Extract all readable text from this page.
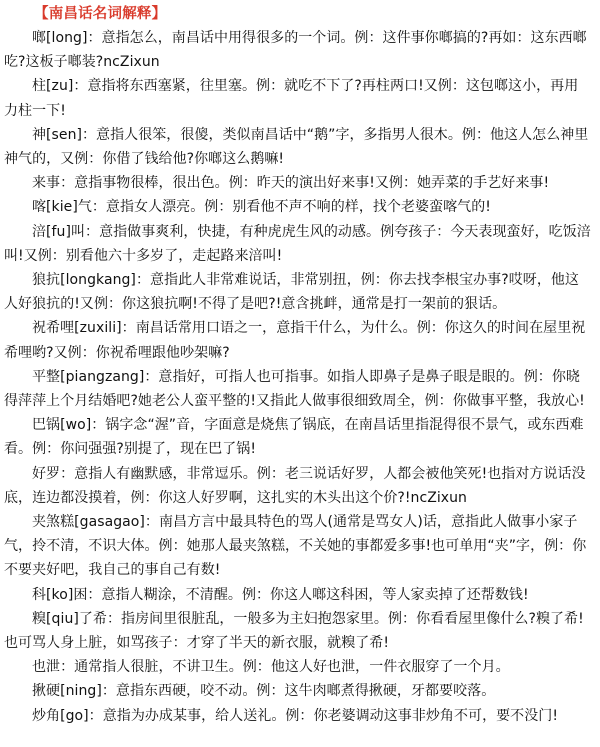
【南昌话名词解释】

啷[long]：意指怎么，南昌话中用得很多的一个词。例：这件事你啷搞的?再如：这东西啷吃?这板子啷装?ncZixun

柱[zu]：意指将东西塞紧，往里塞。例：就吃不下了?再柱两口!又例：这包啷这小，再用力柱一下!

神[sen]：意指人很笨，很傻，类似南昌话中“鹅”字，多指男人很木。例：他这人怎么神里神气的，又例：你借了钱给他?你啷这么鹅嘛!

来事：意指事物很棒，很出色。例：昨天的演出好来事!又例：她弄菜的手艺好来事!

喀[kie]气：意指女人漂亮。例：别看他不声不响的样，找个老婆蛮喀气的!

涪[fu]叫：意指做事爽利，快捷，有种虎虎生风的动感。例夸孩子：今天表现蛮好，吃饭涪叫!又例：别看他六十多岁了，走起路来涪叫!

狼抗[longkang]：意指此人非常难说话，非常别扭，例：你去找李根宝办事?哎呀，他这人好狼抗的!又例：你这狼抗啊!不得了是吧?!意含挑衅，通常是打一架前的狠话。

祝希哩[zuxili]：南昌话常用口语之一，意指干什么，为什么。例：你这久的时间在屋里祝希哩哟?又例：你祝希哩跟他吵架嘛?

平整[piangzang]：意指好，可指人也可指事。如指人即鼻子是鼻子眼是眼的。例：你晓得萍萍上个月结婚吧?她老公人蛮平整的!又指此人做事很细致周全，例：你做事平整，我放心!

巴锅[wo]：锅字念“渥”音，字面意是烧焦了锅底，在南昌话里指混得很不景气，或东西难看。例：你问强强?别提了，现在巴了锅!

好罗：意指人有幽默感，非常逗乐。例：老三说话好罗，人都会被他笑死!也指对方说话没底，连边都没摸着，例：你这人好罗啊，这扎实的木头出这个价?!ncZixun

夹煞糕[gasagao]：南昌方言中最具特色的骂人(通常是骂女人)话，意指此人做事小家子气，拎不清，不识大体。例：她那人最夹煞糕，不关她的事都爱多事!也可单用“夹”字，例：你不要夹好吧，我自己的事自己有数!

科[ko]困：意指人糊涂，不清醒。例：你这人啷这科困，等人家卖掉了还帮数钱!

糗[qiu]了希：指房间里很脏乱，一般多为主妇抱怨家里。例：你看看屋里像什么?糗了希!也可骂人身上脏，如骂孩子：才穿了半天的新衣服，就糗了希!

也泄：通常指人很脏，不讲卫生。例：他这人好也泄，一件衣服穿了一个月。

揪硬[ning]：意指东西硬，咬不动。例：这牛肉啷煮得揪硬，牙都要咬落。

炒角[go]：意指为办成某事，给人送礼。例：你老婆调动这事非炒角不可，要不没门!
